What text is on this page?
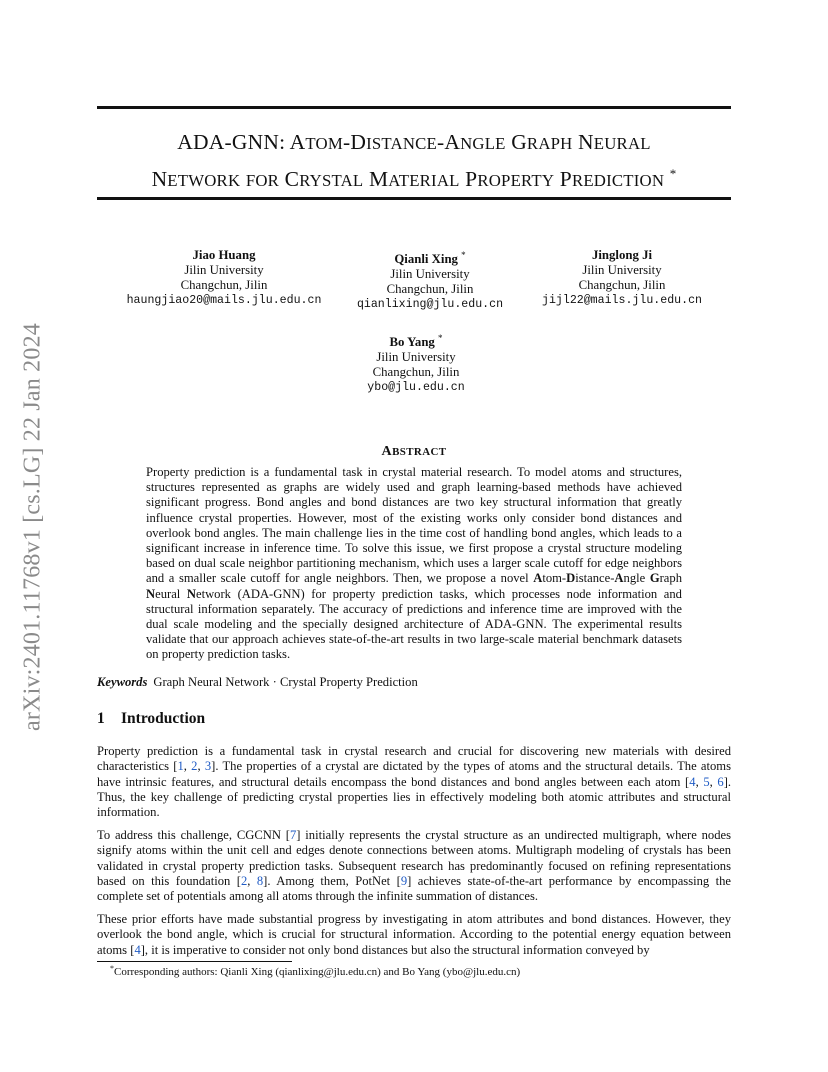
arXiv:2401.11768v1 [cs.LG] 22 Jan 2024
ADA-GNN: ATOM-DISTANCE-ANGLE GRAPH NEURAL
NETWORK FOR CRYSTAL MATERIAL PROPERTY PREDICTION *
Jiao Huang
Jilin University
Changchun, Jilin
haungjiao20@mails.jlu.edu.cn
Qianli Xing *
Jilin University
Changchun, Jilin
qianlixing@jlu.edu.cn
Jinglong Ji
Jilin University
Changchun, Jilin
jijl22@mails.jlu.edu.cn
Bo Yang *
Jilin University
Changchun, Jilin
ybo@jlu.edu.cn
ABSTRACT
Property prediction is a fundamental task in crystal material research. To model atoms and structures, structures represented as graphs are widely used and graph learning-based methods have achieved significant progress. Bond angles and bond distances are two key structural information that greatly influence crystal properties. However, most of the existing works only consider bond distances and overlook bond angles. The main challenge lies in the time cost of handling bond angles, which leads to a significant increase in inference time. To solve this issue, we first propose a crystal structure modeling based on dual scale neighbor partitioning mechanism, which uses a larger scale cutoff for edge neighbors and a smaller scale cutoff for angle neighbors. Then, we propose a novel Atom-Distance-Angle Graph Neural Network (ADA-GNN) for property prediction tasks, which processes node information and structural information separately. The accuracy of predictions and inference time are improved with the dual scale modeling and the specially designed architecture of ADA-GNN. The experimental results validate that our approach achieves state-of-the-art results in two large-scale material benchmark datasets on property prediction tasks.
Keywords Graph Neural Network · Crystal Property Prediction
1 Introduction
Property prediction is a fundamental task in crystal research and crucial for discovering new materials with desired characteristics [1, 2, 3]. The properties of a crystal are dictated by the types of atoms and the structural details. The atoms have intrinsic features, and structural details encompass the bond distances and bond angles between each atom [4, 5, 6]. Thus, the key challenge of predicting crystal properties lies in effectively modeling both atomic attributes and structural information.
To address this challenge, CGCNN [7] initially represents the crystal structure as an undirected multigraph, where nodes signify atoms within the unit cell and edges denote connections between atoms. Multigraph modeling of crystals has been validated in crystal property prediction tasks. Subsequent research has predominantly focused on refining representations based on this foundation [2, 8]. Among them, PotNet [9] achieves state-of-the-art performance by encompassing the complete set of potentials among all atoms through the infinite summation of distances.
These prior efforts have made substantial progress by investigating in atom attributes and bond distances. However, they overlook the bond angle, which is crucial for structural information. According to the potential energy equation between atoms [4], it is imperative to consider not only bond distances but also the structural information conveyed by
*Corresponding authors: Qianli Xing (qianlixing@jlu.edu.cn) and Bo Yang (ybo@jlu.edu.cn)
